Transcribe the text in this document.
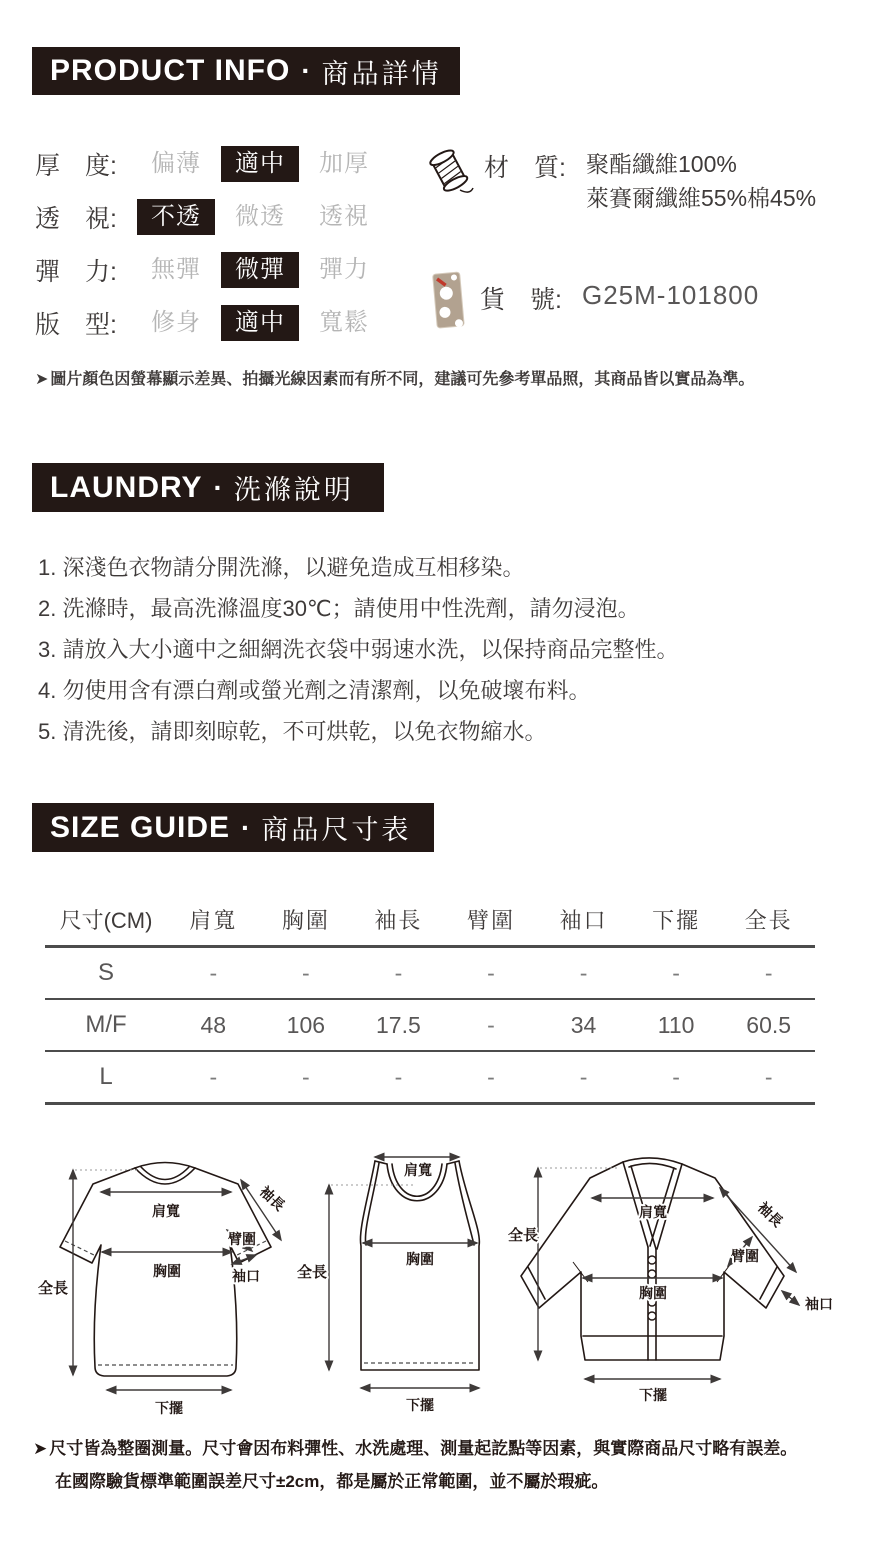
PRODUCT INFO · 商品詳情
厚　度:	偏薄	適中	加厚
透　視:	不透	微透	透視
彈　力:	無彈	微彈	彈力
版　型:	修身	適中	寬鬆
材　質: 聚酯纖維100%
萊賽爾纖維55%棉45%
貨　號: G25M-101800
➤ 圖片顏色因螢幕顯示差異、拍攝光線因素而有所不同，建議可先參考單品照，其商品皆以實品為準。
LAUNDRY · 洗滌說明
1. 深淺色衣物請分開洗滌，以避免造成互相移染。
2. 洗滌時，最高洗滌溫度30℃；請使用中性洗劑，請勿浸泡。
3. 請放入大小適中之細網洗衣袋中弱速水洗，以保持商品完整性。
4. 勿使用含有漂白劑或螢光劑之清潔劑，以免破壞布料。
5. 清洗後，請即刻晾乾，不可烘乾，以免衣物縮水。
SIZE GUIDE · 商品尺寸表
尺寸(CM)	肩寬	胸圍	袖長	臂圍	袖口	下擺	全長
S	-	-	-	-	-	-	-
M/F	48	106	17.5	-	34	110	60.5
L	-	-	-	-	-	-	-
肩寬
胸圍
全長
袖長
臂圍
袖口
下擺
肩寬
全長
胸圍
下擺
全長
肩寬	袖長
臂圍
胸圍
袖口
下擺
➤ 尺寸皆為整圈測量。尺寸會因布料彈性、水洗處理、測量起訖點等因素，與實際商品尺寸略有誤差。
在國際驗貨標準範圍誤差尺寸±2cm，都是屬於正常範圍，並不屬於瑕疵。
